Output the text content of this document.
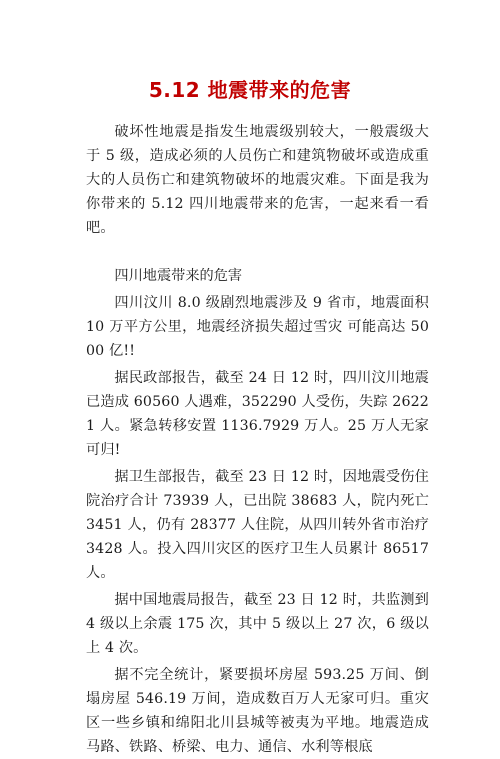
5.12 地震带来的危害

破坏性地震是指发生地震级别较大，一般震级大于 5 级，造成必须的人员伤亡和建筑物破坏或造成重大的人员伤亡和建筑物破坏的地震灾难。下面是我为你带来的 5.12 四川地震带来的危害，一起来看一看吧。

四川地震带来的危害

四川汶川 8.0 级剧烈地震涉及 9 省市，地震面积 10 万平方公里，地震经济损失超过雪灾 可能高达 5000 亿!!

据民政部报告，截至 24 日 12 时，四川汶川地震已造成 60560 人遇难，352290 人受伤，失踪 26221 人。紧急转移安置 1136.7929 万人。25 万人无家可归!

据卫生部报告，截至 23 日 12 时，因地震受伤住院治疗合计 73939 人，已出院 38683 人，院内死亡 3451 人，仍有 28377 人住院，从四川转外省市治疗 3428 人。投入四川灾区的医疗卫生人员累计 86517 人。

据中国地震局报告，截至 23 日 12 时，共监测到 4 级以上余震 175 次，其中 5 级以上 27 次，6 级以上 4 次。

据不完全统计，紧要损坏房屋 593.25 万间、倒塌房屋 546.19 万间，造成数百万人无家可归。重灾区一些乡镇和绵阳北川县城等被夷为平地。地震造成马路、铁路、桥梁、电力、通信、水利等根底
